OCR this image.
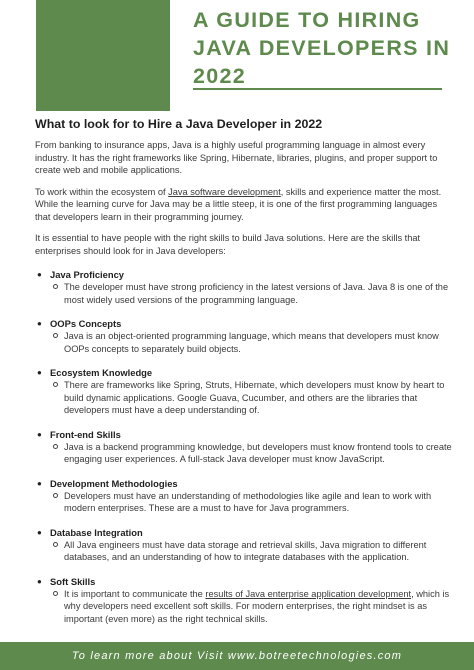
A GUIDE TO HIRING
JAVA DEVELOPERS IN
2022
What to look for to Hire a Java Developer in 2022

From banking to insurance apps, Java is a highly useful programming language in almost every industry. It has the right frameworks like Spring, Hibernate, libraries, plugins, and proper support to create web and mobile applications.

To work within the ecosystem of Java software development, skills and experience matter the most. While the learning curve for Java may be a little steep, it is one of the first programming languages that developers learn in their programming journey.

It is essential to have people with the right skills to build Java solutions. Here are the skills that enterprises should look for in Java developers:

● Java Proficiency
The developer must have strong proficiency in the latest versions of Java. Java 8 is one of the most widely used versions of the programming language.
● OOPs Concepts
Java is an object-oriented programming language, which means that developers must know OOPs concepts to separately build objects.
● Ecosystem Knowledge
There are frameworks like Spring, Struts, Hibernate, which developers must know by heart to build dynamic applications. Google Guava, Cucumber, and others are the libraries that developers must have a deep understanding of.
● Front-end Skills
Java is a backend programming knowledge, but developers must know frontend tools to create engaging user experiences. A full-stack Java developer must know JavaScript.
● Development Methodologies
Developers must have an understanding of methodologies like agile and lean to work with modern enterprises. These are a must to have for Java programmers.
● Database Integration
All Java engineers must have data storage and retrieval skills, Java migration to different databases, and an understanding of how to integrate databases with the application.
● Soft Skills
It is important to communicate the results of Java enterprise application development, which is why developers need excellent soft skills. For modern enterprises, the right mindset is as important (even more) as the right technical skills.
To learn more about Visit www.botreetechnologies.com
